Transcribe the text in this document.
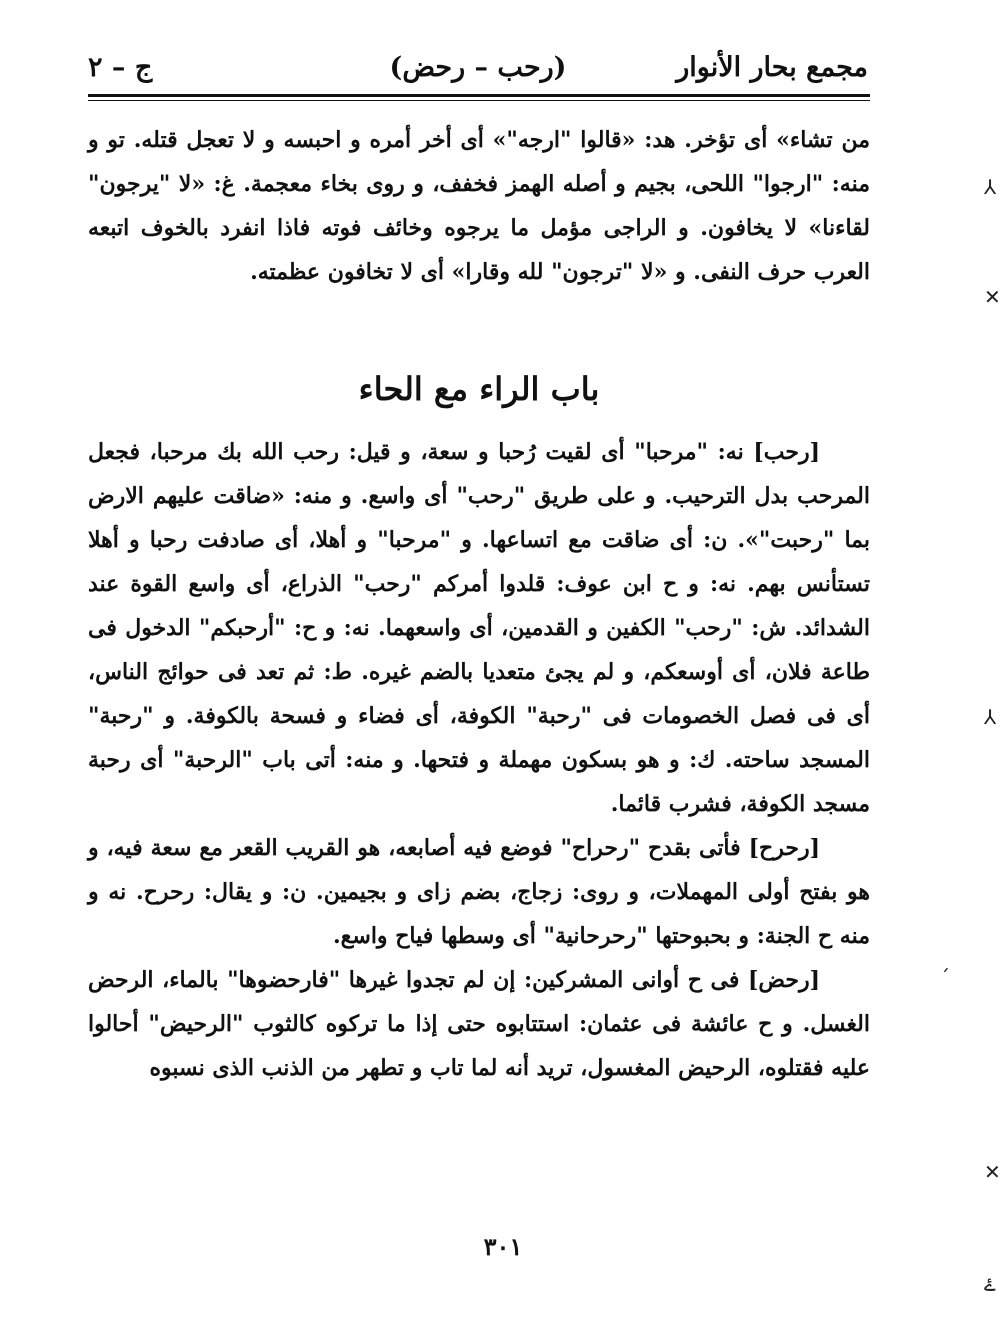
مجمع بحار الأنوار
(رحب – رحض)
ج – ٢

من تشاء» أى تؤخر. هد: «قالوا "ارجه"» أى أخر أمره و احبسه و لا تعجل قتله. تو و منه: "ارجوا" اللحى، بجيم و أصله الهمز فخفف، و روى بخاء معجمة. غ: «لا "يرجون" لقاءنا» لا يخافون. و الراجى مؤمل ما يرجوه وخائف فوته فاذا انفرد بالخوف اتبعه العرب حرف النفى. و «لا "ترجون" لله وقارا» أى لا تخافون عظمته.

باب الراء مع الحاء

[رحب] نه: "مرحبا" أى لقيت رُحبا و سعة، و قيل: رحب الله بك مرحبا، فجعل المرحب بدل الترحيب. و على طريق "رحب" أى واسع. و منه: «ضاقت عليهم الارض بما "رحبت"». ن: أى ضاقت مع اتساعها. و "مرحبا" و أهلا، أى صادفت رحبا و أهلا تستأنس بهم. نه: و ح ابن عوف: قلدوا أمركم "رحب" الذراع، أى واسع القوة عند الشدائد. ش: "رحب" الكفين و القدمين، أى واسعهما. نه: و ح: "أرحبكم" الدخول فى طاعة فلان، أى أوسعكم، و لم يجئ متعديا بالضم غيره. ط: ثم تعد فى حوائج الناس، أى فى فصل الخصومات فى "رحبة" الكوفة، أى فضاء و فسحة بالكوفة. و "رحبة" المسجد ساحته. ك: و هو بسكون مهملة و فتحها. و منه: أتى باب "الرحبة" أى رحبة مسجد الكوفة، فشرب قائما.

[رحرح] فأتى بقدح "رحراح" فوضع فيه أصابعه، هو القريب القعر مع سعة فيه، و هو بفتح أولى المهملات، و روى: زجاج، بضم زاى و بجيمين. ن: و يقال: رحرح. نه و منه ح الجنة: و بحبوحتها "رحرحانية" أى وسطها فياح واسع.

[رحض] فى ح أوانى المشركين: إن لم تجدوا غيرها "فارحضوها" بالماء، الرحض الغسل. و ح عائشة فى عثمان: استتابوه حتى إذا ما تركوه كالثوب "الرحيض" أحالوا عليه فقتلوه، الرحيض المغسول، تريد أنه لما تاب و تطهر من الذنب الذى نسبوه

٣٠١
⅄
✕
⅄
ˏ
✕
ۓ
